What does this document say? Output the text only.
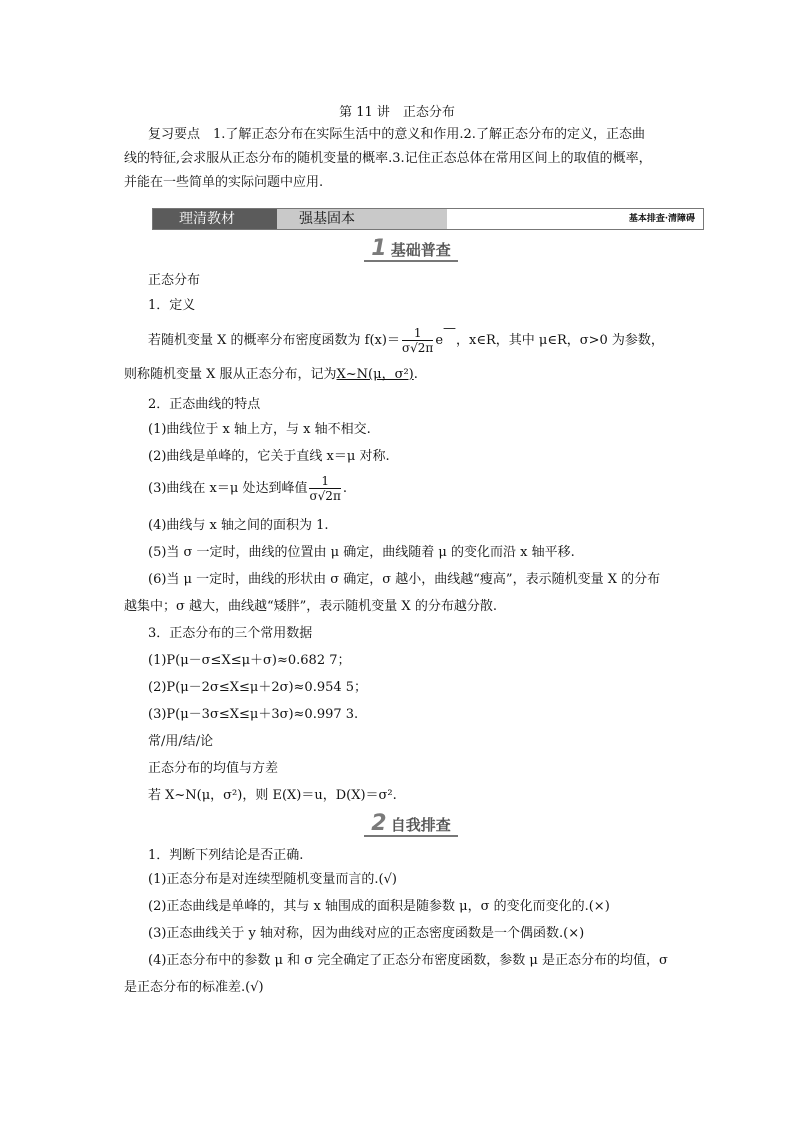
第 11 讲　正态分布
复习要点　1.了解正态分布在实际生活中的意义和作用.2.了解正态分布的定义，正态曲
线的特征,会求服从正态分布的随机变量的概率.3.记住正态总体在常用区间上的取值的概率，
并能在一些简单的实际问题中应用.
理清教材	强基固本	基本排查·清障碍
1 基础普查
正态分布
1．定义
若随机变量 X 的概率分布密度函数为 $f(x)= \frac{1}{\sigma√2\pi}$ e—，x∈R，其中 μ∈R，σ>0 为参数，
则称随机变量 X 服从正态分布，记为X~N(μ，σ²).
2．正态曲线的特点
(1)曲线位于 x 轴上方，与 x 轴不相交.
(2)曲线是单峰的，它关于直线 x＝μ 对称.
(3)曲线在 x＝μ 处达到峰值 $\frac{1}{\sigma√2\pi}$ .
(4)曲线与 x 轴之间的面积为 1.
(5)当 σ 一定时，曲线的位置由 μ 确定，曲线随着 μ 的变化而沿 x 轴平移.
(6)当 μ 一定时，曲线的形状由 σ 确定，σ 越小，曲线越“瘦高”，表示随机变量 X 的分布
越集中；σ 越大，曲线越“矮胖”，表示随机变量 X 的分布越分散.
3．正态分布的三个常用数据
(1)P(μ－σ≤X≤μ＋σ)≈0.682 7；
(2)P(μ－2σ≤X≤μ＋2σ)≈0.954 5；
(3)P(μ－3σ≤X≤μ＋3σ)≈0.997 3.
常/用/结/论
正态分布的均值与方差
若 X~N(μ，σ²)，则 E(X)＝u，D(X)＝σ².
2 自我排查
1．判断下列结论是否正确.
(1)正态分布是对连续型随机变量而言的.(√)
(2)正态曲线是单峰的，其与 x 轴围成的面积是随参数 μ，σ 的变化而变化的.(×)
(3)正态曲线关于 y 轴对称，因为曲线对应的正态密度函数是一个偶函数.(×)
(4)正态分布中的参数 μ 和 σ 完全确定了正态分布密度函数，参数 μ 是正态分布的均值，σ
是正态分布的标准差.(√)
